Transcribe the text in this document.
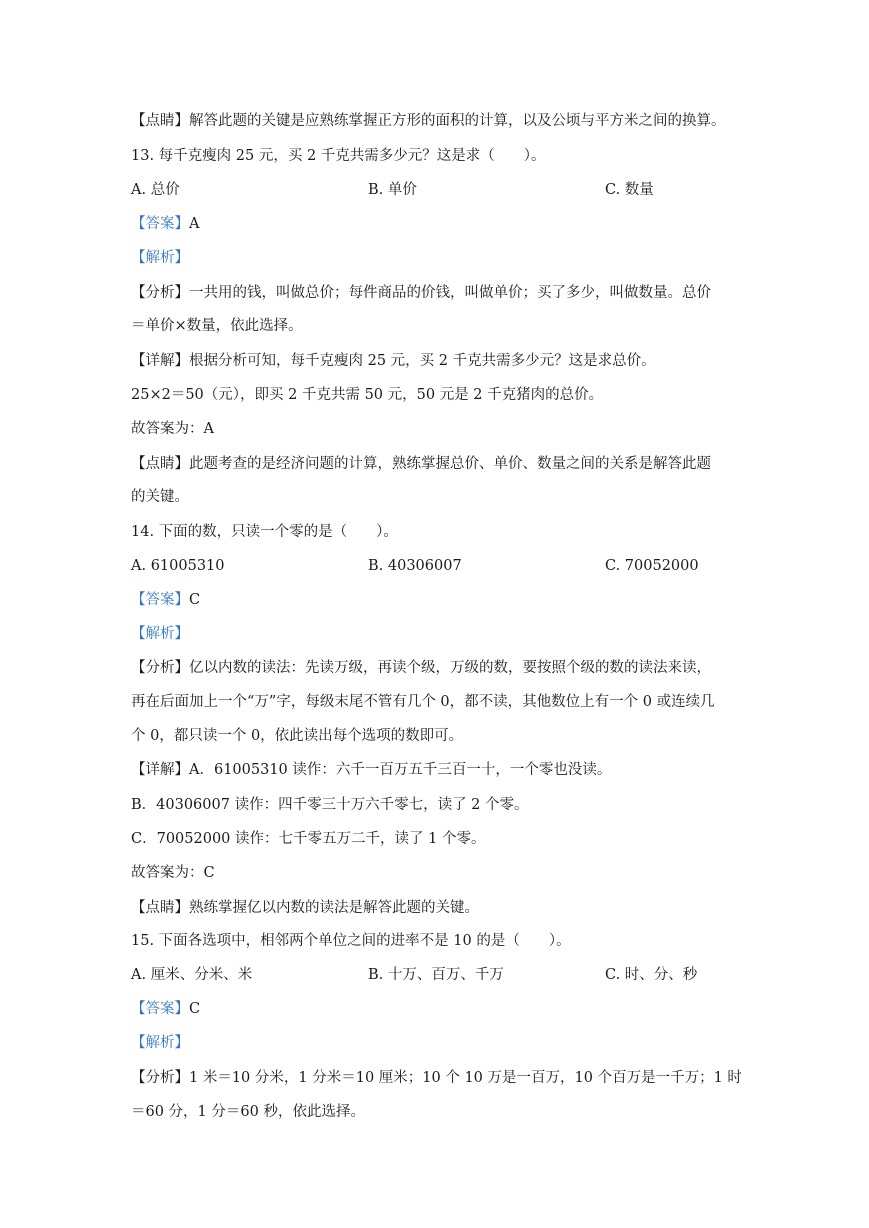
【点睛】解答此题的关键是应熟练掌握正方形的面积的计算，以及公顷与平方米之间的换算。
13. 每千克瘦肉 25 元，买 2 千克共需多少元？这是求（　　）。
A. 总价	B. 单价	C. 数量
【答案】A
【解析】
【分析】一共用的钱，叫做总价；每件商品的价钱，叫做单价；买了多少，叫做数量。总价
＝单价×数量，依此选择。
【详解】根据分析可知，每千克瘦肉 25 元，买 2 千克共需多少元？这是求总价。
25×2＝50（元），即买 2 千克共需 50 元，50 元是 2 千克猪肉的总价。
故答案为：A
【点睛】此题考查的是经济问题的计算，熟练掌握总价、单价、数量之间的关系是解答此题
的关键。
14. 下面的数，只读一个零的是（　　）。
A. 61005310	B. 40306007	C. 70052000
【答案】C
【解析】
【分析】亿以内数的读法：先读万级，再读个级，万级的数，要按照个级的数的读法来读，
再在后面加上一个“万”字，每级末尾不管有几个 0，都不读，其他数位上有一个 0 或连续几
个 0，都只读一个 0，依此读出每个选项的数即可。
【详解】A．61005310 读作：六千一百万五千三百一十，一个零也没读。
B．40306007 读作：四千零三十万六千零七，读了 2 个零。
C．70052000 读作：七千零五万二千，读了 1 个零。
故答案为：C
【点睛】熟练掌握亿以内数的读法是解答此题的关键。
15. 下面各选项中，相邻两个单位之间的进率不是 10 的是（　　）。
A. 厘米、分米、米	B. 十万、百万、千万	C. 时、分、秒
【答案】C
【解析】
【分析】1 米＝10 分米，1 分米＝10 厘米；10 个 10 万是一百万，10 个百万是一千万；1 时
＝60 分，1 分＝60 秒，依此选择。
